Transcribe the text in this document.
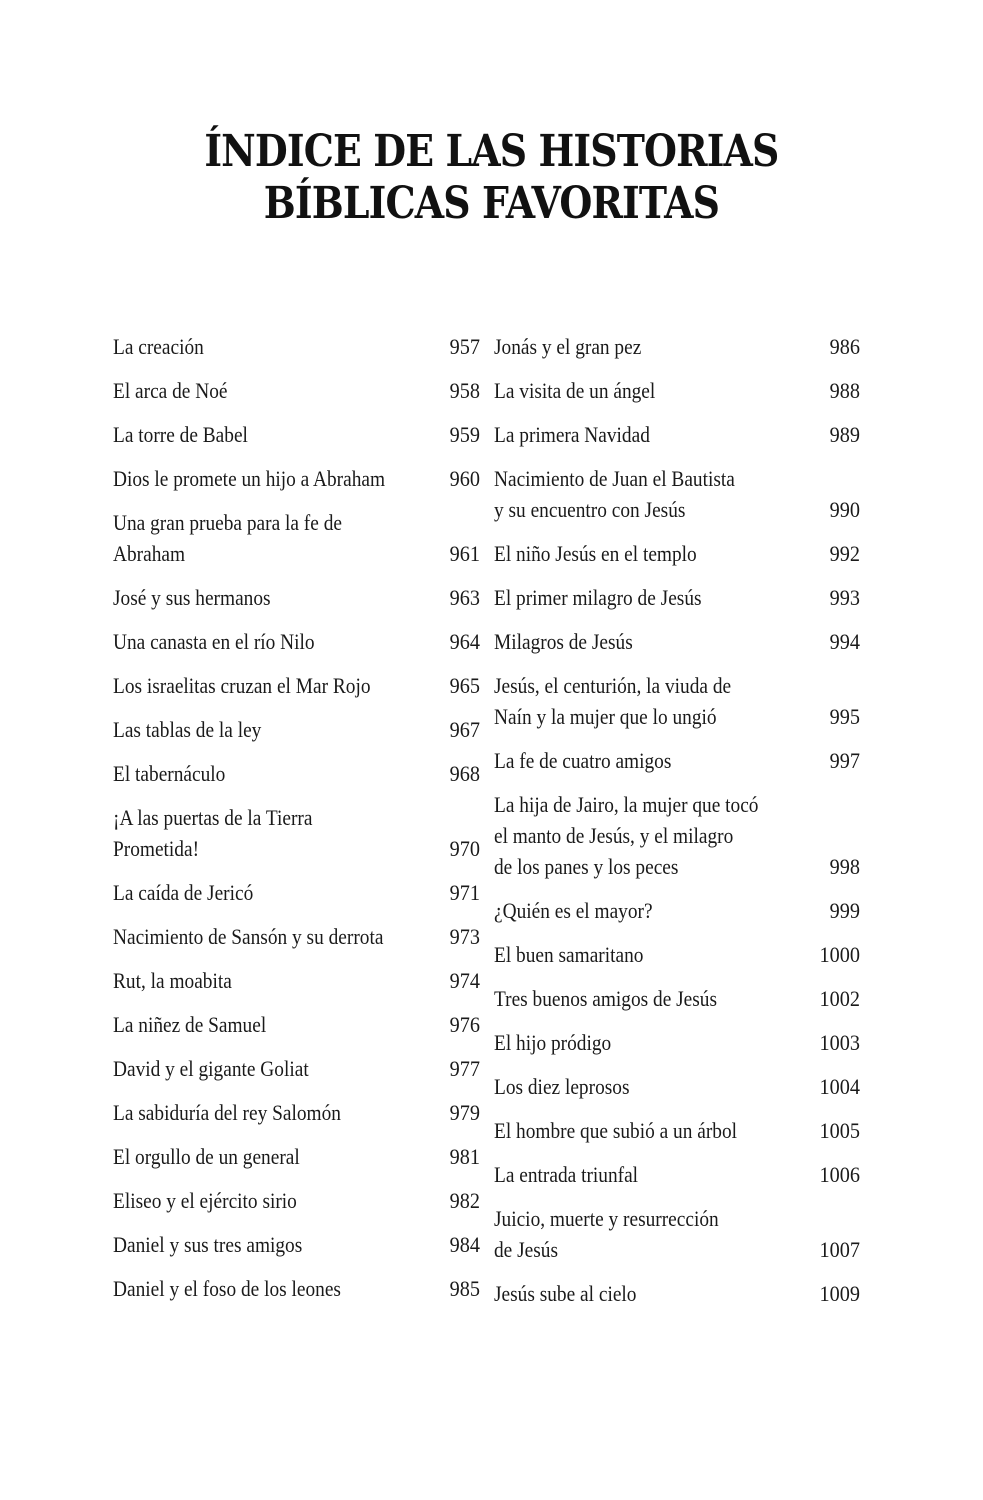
ÍNDICE DE LAS HISTORIAS
BÍBLICAS FAVORITAS
La creación	957
El arca de Noé	958
La torre de Babel	959
Dios le promete un hijo a Abraham	960
Una gran prueba para la fe de
Abraham	961
José y sus hermanos	963
Una canasta en el río Nilo	964
Los israelitas cruzan el Mar Rojo	965
Las tablas de la ley	967
El tabernáculo	968
¡A las puertas de la Tierra
Prometida!	970
La caída de Jericó	971
Nacimiento de Sansón y su derrota	973
Rut, la moabita	974
La niñez de Samuel	976
David y el gigante Goliat	977
La sabiduría del rey Salomón	979
El orgullo de un general	981
Eliseo y el ejército sirio	982
Daniel y sus tres amigos	984
Daniel y el foso de los leones	985
Jonás y el gran pez	986
La visita de un ángel	988
La primera Navidad	989
Nacimiento de Juan el Bautista
y su encuentro con Jesús	990
El niño Jesús en el templo	992
El primer milagro de Jesús	993
Milagros de Jesús	994
Jesús, el centurión, la viuda de
Naín y la mujer que lo ungió	995
La fe de cuatro amigos	997
La hija de Jairo, la mujer que tocó
el manto de Jesús, y el milagro
de los panes y los peces	998
¿Quién es el mayor?	999
El buen samaritano	1000
Tres buenos amigos de Jesús	1002
El hijo pródigo	1003
Los diez leprosos	1004
El hombre que subió a un árbol	1005
La entrada triunfal	1006
Juicio, muerte y resurrección
de Jesús	1007
Jesús sube al cielo	1009
